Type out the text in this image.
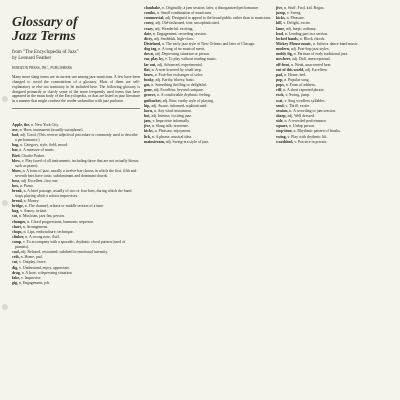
Glossary of Jazz Terms

from "The Encyclopedia of Jazz"

by Leonard Feather

HORIZON PRESS, INC., PUBLISHERS

Many more slang terms are in current use among jazz musicians. A few have been changed to avoid the connotations of a glossary. Most of them are self-explanatory or else too transitory to be included here. The following glossary is designed primarily to clarify some of the more frequently used terms that have appeared in the main body of the Encyclopedia, or that are listed in jazz literature in a manner that might confuse the reader unfamiliar with jazz parlance.

Apple, the. n. New York City.

axe, n. Horn, instrument (usually saxophone).

bad, adj. Good. (This reverse adjectival procedure is commonly used to describe a performance.)

bag, n. Category, style, field, mood.

bar, n. A measure of music.

Bird. Charlie Parker.

blow, v. Play (used of all instruments, including those that are not actually blown, such as piano).

blues, n. A form of jazz, usually a twelve-bar chorus in which the first, fifth and seventh bars have tonic, subdominant and dominant chords.

boss, adj. Excellent, first rate.

box, n. Piano.

break, n. A brief passage, usually of two or four bars, during which the band stops playing while a soloist improvises.

bread, n. Money.

bridge, n. The channel, release or middle section of a tune.

bug, v. Annoy, irritate.

cat, n. Musician, jazz fan, person.

changes, n. Chord progressions, harmonic sequence.

chart, n. Arrangement.

chops, n. Lips, embouchure; technique.

clinker, n. A wrong note, fluff.

comp, v. To accompany with a sporadic, rhythmic chord pattern (used of pianists).

cool, adj. Relaxed, restrained; subdued in emotional intensity.

crib, n. Home, pad.

cut, v. Outplay; leave.

dig, v. Understand, enjoy, appreciate.

drag, n. A bore, a depressing situation.

fake, v. Improvise.

gig, n. Engagement, job.

clambake, n. Originally, a jam session; later, a disorganized performance.

combo, n. Small combination of musicians.

commercial, adj. Designed to appeal to the broad public rather than to musicians.

corny, adj. Old-fashioned, trite, unsophisticated.

crazy, adj. Wonderful, exciting.

date, n. Engagement; recording session.

dicty, adj. Snobbish, high-class.

Dixieland, n. The early jazz style of New Orleans and later of Chicago.

dog tag, n. A song of no musical merit.

down, adj. Depressing situation or person.

ear, play by, v. To play without reading music.

far out, adj. Advanced, experimental.

flat, n. A note lowered by a half step.

fours, n. Four-bar exchanges of solos.

funky, adj. Earthy, bluesy, basic.

gas, n. Something thrilling or delightful.

gone, adj. Excellent, beyond compare.

groove, n. A comfortable rhythmic feeling.

gutbucket, adj. Raw, earthy style of playing.

hip, adj. Aware, informed, sophisticated.

horn, n. Any wind instrument.

hot, adj. Intense, exciting jazz.

jam, v. Improvise informally.

jive, n. Slang talk; nonsense.

kicks, n. Pleasure, enjoyment.

lick, n. A phrase, musical idea.

mainstream, adj. Swing-era style of jazz.

jive, n. Stuff. Fool, kid. Bogus.

jump, v. Swing.

kicks, n. Pleasure.

kill, v. Delight, excite.

lame, adj. Inept; ordinary.

lead, n. Leading part in a section.

locked hands, n. Block chords.

Mickey Mouse music, n. Inferior dance band music.

modern, adj. Post-bop jazz styles.

moldy fig, n. Partisan of early traditional jazz.

nowhere, adj. Dull, unexceptional.

off-beat, n. Weak, unaccented beat.

out of this world, adj. Excellent.

pad, n. Home, bed.

pop, n. Popular song.

pops, n. Form of address.

riff, n. A short repeated phrase.

rock, v. Swing, jump.

scat, v. Sing wordless syllables.

send, v. Thrill, excite.

session, n. A recording or jam session.

sharp, adj. Well dressed.

side, n. A recorded performance.

square, n. Unhip person.

stop-time, n. Rhythmic pattern of breaks.

swing, v. Play with rhythmic lift.

woodshed, v. Practice in private.
